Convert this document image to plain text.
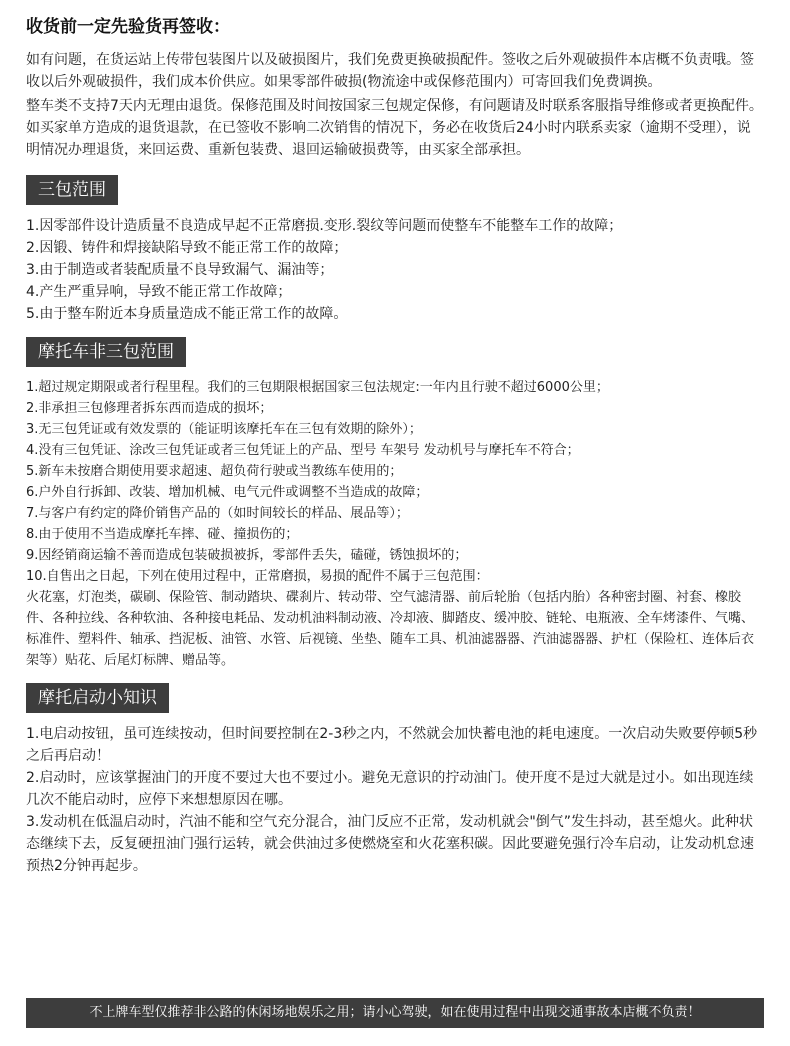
收货前一定先验货再签收：

如有问题，在货运站上传带包装图片以及破损图片，我们免费更换破损配件。签收之后外观破损件本店概不负责哦。签收以后外观破损件，我们成本价供应。如果零部件破损(物流途中或保修范围内）可寄回我们免费调换。

整车类不支持7天内无理由退货。保修范围及时间按国家三包规定保修，有问题请及时联系客服指导维修或者更换配件。如买家单方造成的退货退款，在已签收不影响二次销售的情况下，务必在收货后24小时内联系卖家（逾期不受理），说明情况办理退货，来回运费、重新包装费、退回运输破损费等，由买家全部承担。

三包范围
1.因零部件设计造质量不良造成早起不正常磨损.变形.裂纹等问题而使整车不能整车工作的故障；
2.因锻、铸件和焊接缺陷导致不能正常工作的故障；
3.由于制造或者装配质量不良导致漏气、漏油等；
4.产生严重异响，导致不能正常工作故障；
5.由于整车附近本身质量造成不能正常工作的故障。
摩托车非三包范围
1.超过规定期限或者行程里程。我们的三包期限根据国家三包法规定:一年内且行驶不超过6000公里；
2.非承担三包修理者拆东西而造成的损坏；
3.无三包凭证或有效发票的（能证明该摩托车在三包有效期的除外）；
4.没有三包凭证、涂改三包凭证或者三包凭证上的产品、型号 车架号 发动机号与摩托车不符合；
5.新车未按磨合期使用要求超速、超负荷行驶或当教练车使用的；
6.户外自行拆卸、改装、增加机械、电气元件或调整不当造成的故障；
7.与客户有约定的降价销售产品的（如时间较长的样品、展品等）；
8.由于使用不当造成摩托车摔、碰、撞损伤的；
9.因经销商运输不善而造成包装破损被拆，零部件丢失，磕碰，锈蚀损坏的；
10.自售出之日起，下列在使用过程中，正常磨损，易损的配件不属于三包范围：
火花塞，灯泡类，碳刷、保险管、制动踏块、碟刹片、转动带、空气滤清器、前后轮胎（包括内胎）各种密封圈、衬套、橡胶件、各种拉线、各种软油、各种接电耗品、发动机油料制动液、冷却液、脚踏皮、缓冲胶、链轮、电瓶液、全车烤漆件、气嘴、标准件、塑料件、轴承、挡泥板、油管、水管、后视镜、坐垫、随车工具、机油滤器器、汽油滤器器、护杠（保险杠、连体后衣架等）贴花、后尾灯标牌、赠品等。
摩托启动小知识
1.电启动按钮，虽可连续按动，但时间要控制在2-3秒之内，不然就会加快蓄电池的耗电速度。一次启动失败要停顿5秒之后再启动！
2.启动时，应该掌握油门的开度不要过大也不要过小。避免无意识的拧动油门。使开度不是过大就是过小。如出现连续几次不能启动时，应停下来想想原因在哪。
3.发动机在低温启动时，汽油不能和空气充分混合，油门反应不正常，发动机就会"倒气”发生抖动，甚至熄火。此种状态继续下去，反复硬扭油门强行运转，就会供油过多使燃烧室和火花塞积碳。因此要避免强行冷车启动，让发动机怠速预热2分钟再起步。
不上牌车型仅推荐非公路的休闲场地娱乐之用；请小心驾驶，如在使用过程中出现交通事故本店概不负责！
